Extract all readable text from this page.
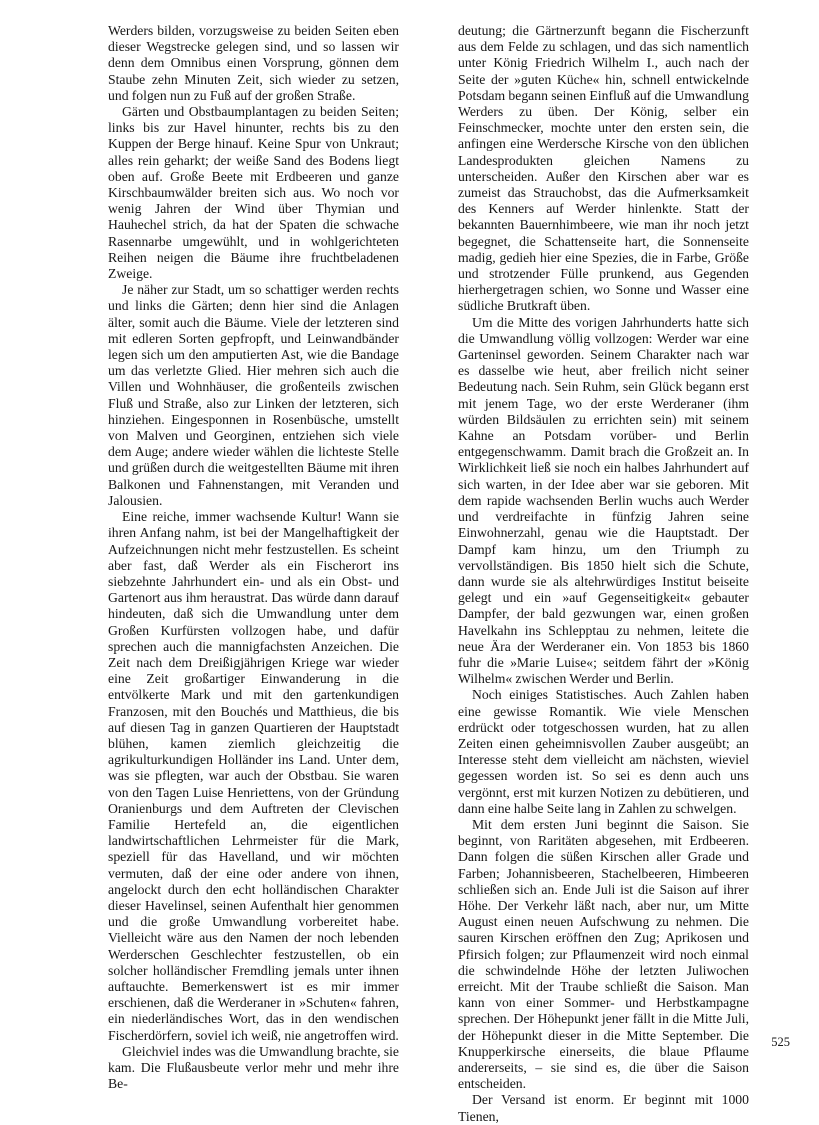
Werders bilden, vorzugsweise zu beiden Seiten eben dieser Wegstrecke gelegen sind, und so lassen wir denn dem Omnibus einen Vorsprung, gönnen dem Staube zehn Minuten Zeit, sich wieder zu setzen, und folgen nun zu Fuß auf der großen Straße.

Gärten und Obstbaumplantagen zu beiden Seiten; links bis zur Havel hinunter, rechts bis zu den Kuppen der Berge hinauf. Keine Spur von Unkraut; alles rein geharkt; der weiße Sand des Bodens liegt oben auf. Große Beete mit Erdbeeren und ganze Kirschbaumwälder breiten sich aus. Wo noch vor wenig Jahren der Wind über Thymian und Hauhechel strich, da hat der Spaten die schwache Rasennarbe umgewühlt, und in wohlgerichteten Reihen neigen die Bäume ihre fruchtbeladenen Zweige.

Je näher zur Stadt, um so schattiger werden rechts und links die Gärten; denn hier sind die Anlagen älter, somit auch die Bäume. Viele der letzteren sind mit edleren Sorten gepfropft, und Leinwandbänder legen sich um den amputierten Ast, wie die Bandage um das verletzte Glied. Hier mehren sich auch die Villen und Wohnhäuser, die großenteils zwischen Fluß und Straße, also zur Linken der letzteren, sich hinziehen. Eingesponnen in Rosenbüsche, umstellt von Malven und Georginen, entziehen sich viele dem Auge; andere wieder wählen die lichteste Stelle und grüßen durch die weitgestellten Bäume mit ihren Balkonen und Fahnenstangen, mit Veranden und Jalousien.

Eine reiche, immer wachsende Kultur! Wann sie ihren Anfang nahm, ist bei der Mangelhaftigkeit der Aufzeichnungen nicht mehr festzustellen. Es scheint aber fast, daß Werder als ein Fischerort ins siebzehnte Jahrhundert ein- und als ein Obst- und Gartenort aus ihm heraustrat. Das würde dann darauf hindeuten, daß sich die Umwandlung unter dem Großen Kurfürsten vollzogen habe, und dafür sprechen auch die mannigfachsten Anzeichen. Die Zeit nach dem Dreißigjährigen Kriege war wieder eine Zeit großartiger Einwanderung in die entvölkerte Mark und mit den gartenkundigen Franzosen, mit den Bouchés und Matthieus, die bis auf diesen Tag in ganzen Quartieren der Hauptstadt blühen, kamen ziemlich gleichzeitig die agrikulturkundigen Holländer ins Land. Unter dem, was sie pflegten, war auch der Obstbau. Sie waren von den Tagen Luise Henriettens, von der Gründung Oranienburgs und dem Auftreten der Clevischen Familie Hertefeld an, die eigentlichen landwirtschaftlichen Lehrmeister für die Mark, speziell für das Havelland, und wir möchten vermuten, daß der eine oder andere von ihnen, angelockt durch den echt holländischen Charakter dieser Havelinsel, seinen Aufenthalt hier genommen und die große Umwandlung vorbereitet habe. Vielleicht wäre aus den Namen der noch lebenden Werderschen Geschlechter festzustellen, ob ein solcher holländischer Fremdling jemals unter ihnen auftauchte. Bemerkenswert ist es mir immer erschienen, daß die Werderaner in »Schuten« fahren, ein niederländisches Wort, das in den wendischen Fischerdörfern, soviel ich weiß, nie angetroffen wird.

Gleichviel indes was die Umwandlung brachte, sie kam. Die Flußausbeute verlor mehr und mehr ihre Be-

deutung; die Gärtnerzunft begann die Fischerzunft aus dem Felde zu schlagen, und das sich namentlich unter König Friedrich Wilhelm I., auch nach der Seite der »guten Küche« hin, schnell entwickelnde Potsdam begann seinen Einfluß auf die Umwandlung Werders zu üben. Der König, selber ein Feinschmecker, mochte unter den ersten sein, die anfingen eine Werdersche Kirsche von den üblichen Landesprodukten gleichen Namens zu unterscheiden. Außer den Kirschen aber war es zumeist das Strauchobst, das die Aufmerksamkeit des Kenners auf Werder hinlenkte. Statt der bekannten Bauernhimbeere, wie man ihr noch jetzt begegnet, die Schattenseite hart, die Sonnenseite madig, gedieh hier eine Spezies, die in Farbe, Größe und strotzender Fülle prunkend, aus Gegenden hierhergetragen schien, wo Sonne und Wasser eine südliche Brutkraft üben.

Um die Mitte des vorigen Jahrhunderts hatte sich die Umwandlung völlig vollzogen: Werder war eine Garteninsel geworden. Seinem Charakter nach war es dasselbe wie heut, aber freilich nicht seiner Bedeutung nach. Sein Ruhm, sein Glück begann erst mit jenem Tage, wo der erste Werderaner (ihm würden Bildsäulen zu errichten sein) mit seinem Kahne an Potsdam vorüber- und Berlin entgegenschwamm. Damit brach die Großzeit an. In Wirklichkeit ließ sie noch ein halbes Jahrhundert auf sich warten, in der Idee aber war sie geboren. Mit dem rapide wachsenden Berlin wuchs auch Werder und verdreifachte in fünfzig Jahren seine Einwohnerzahl, genau wie die Hauptstadt. Der Dampf kam hinzu, um den Triumph zu vervollständigen. Bis 1850 hielt sich die Schute, dann wurde sie als altehrwürdiges Institut beiseite gelegt und ein »auf Gegenseitigkeit« gebauter Dampfer, der bald gezwungen war, einen großen Havelkahn ins Schlepptau zu nehmen, leitete die neue Ära der Werderaner ein. Von 1853 bis 1860 fuhr die »Marie Luise«; seitdem fährt der »König Wilhelm« zwischen Werder und Berlin.

Noch einiges Statistisches. Auch Zahlen haben eine gewisse Romantik. Wie viele Menschen erdrückt oder totgeschossen wurden, hat zu allen Zeiten einen geheimnisvollen Zauber ausgeübt; an Interesse steht dem vielleicht am nächsten, wieviel gegessen worden ist. So sei es denn auch uns vergönnt, erst mit kurzen Notizen zu debütieren, und dann eine halbe Seite lang in Zahlen zu schwelgen.

Mit dem ersten Juni beginnt die Saison. Sie beginnt, von Raritäten abgesehen, mit Erdbeeren. Dann folgen die süßen Kirschen aller Grade und Farben; Johannisbeeren, Stachelbeeren, Himbeeren schließen sich an. Ende Juli ist die Saison auf ihrer Höhe. Der Verkehr läßt nach, aber nur, um Mitte August einen neuen Aufschwung zu nehmen. Die sauren Kirschen eröffnen den Zug; Aprikosen und Pfirsich folgen; zur Pflaumenzeit wird noch einmal die schwindelnde Höhe der letzten Juliwochen erreicht. Mit der Traube schließt die Saison. Man kann von einer Sommer- und Herbstkampagne sprechen. Der Höhepunkt jener fällt in die Mitte Juli, der Höhepunkt dieser in die Mitte September. Die Knupperkirsche einerseits, die blaue Pflaume andererseits, – sie sind es, die über die Saison entscheiden.

Der Versand ist enorm. Er beginnt mit 1000 Tienen,

525
